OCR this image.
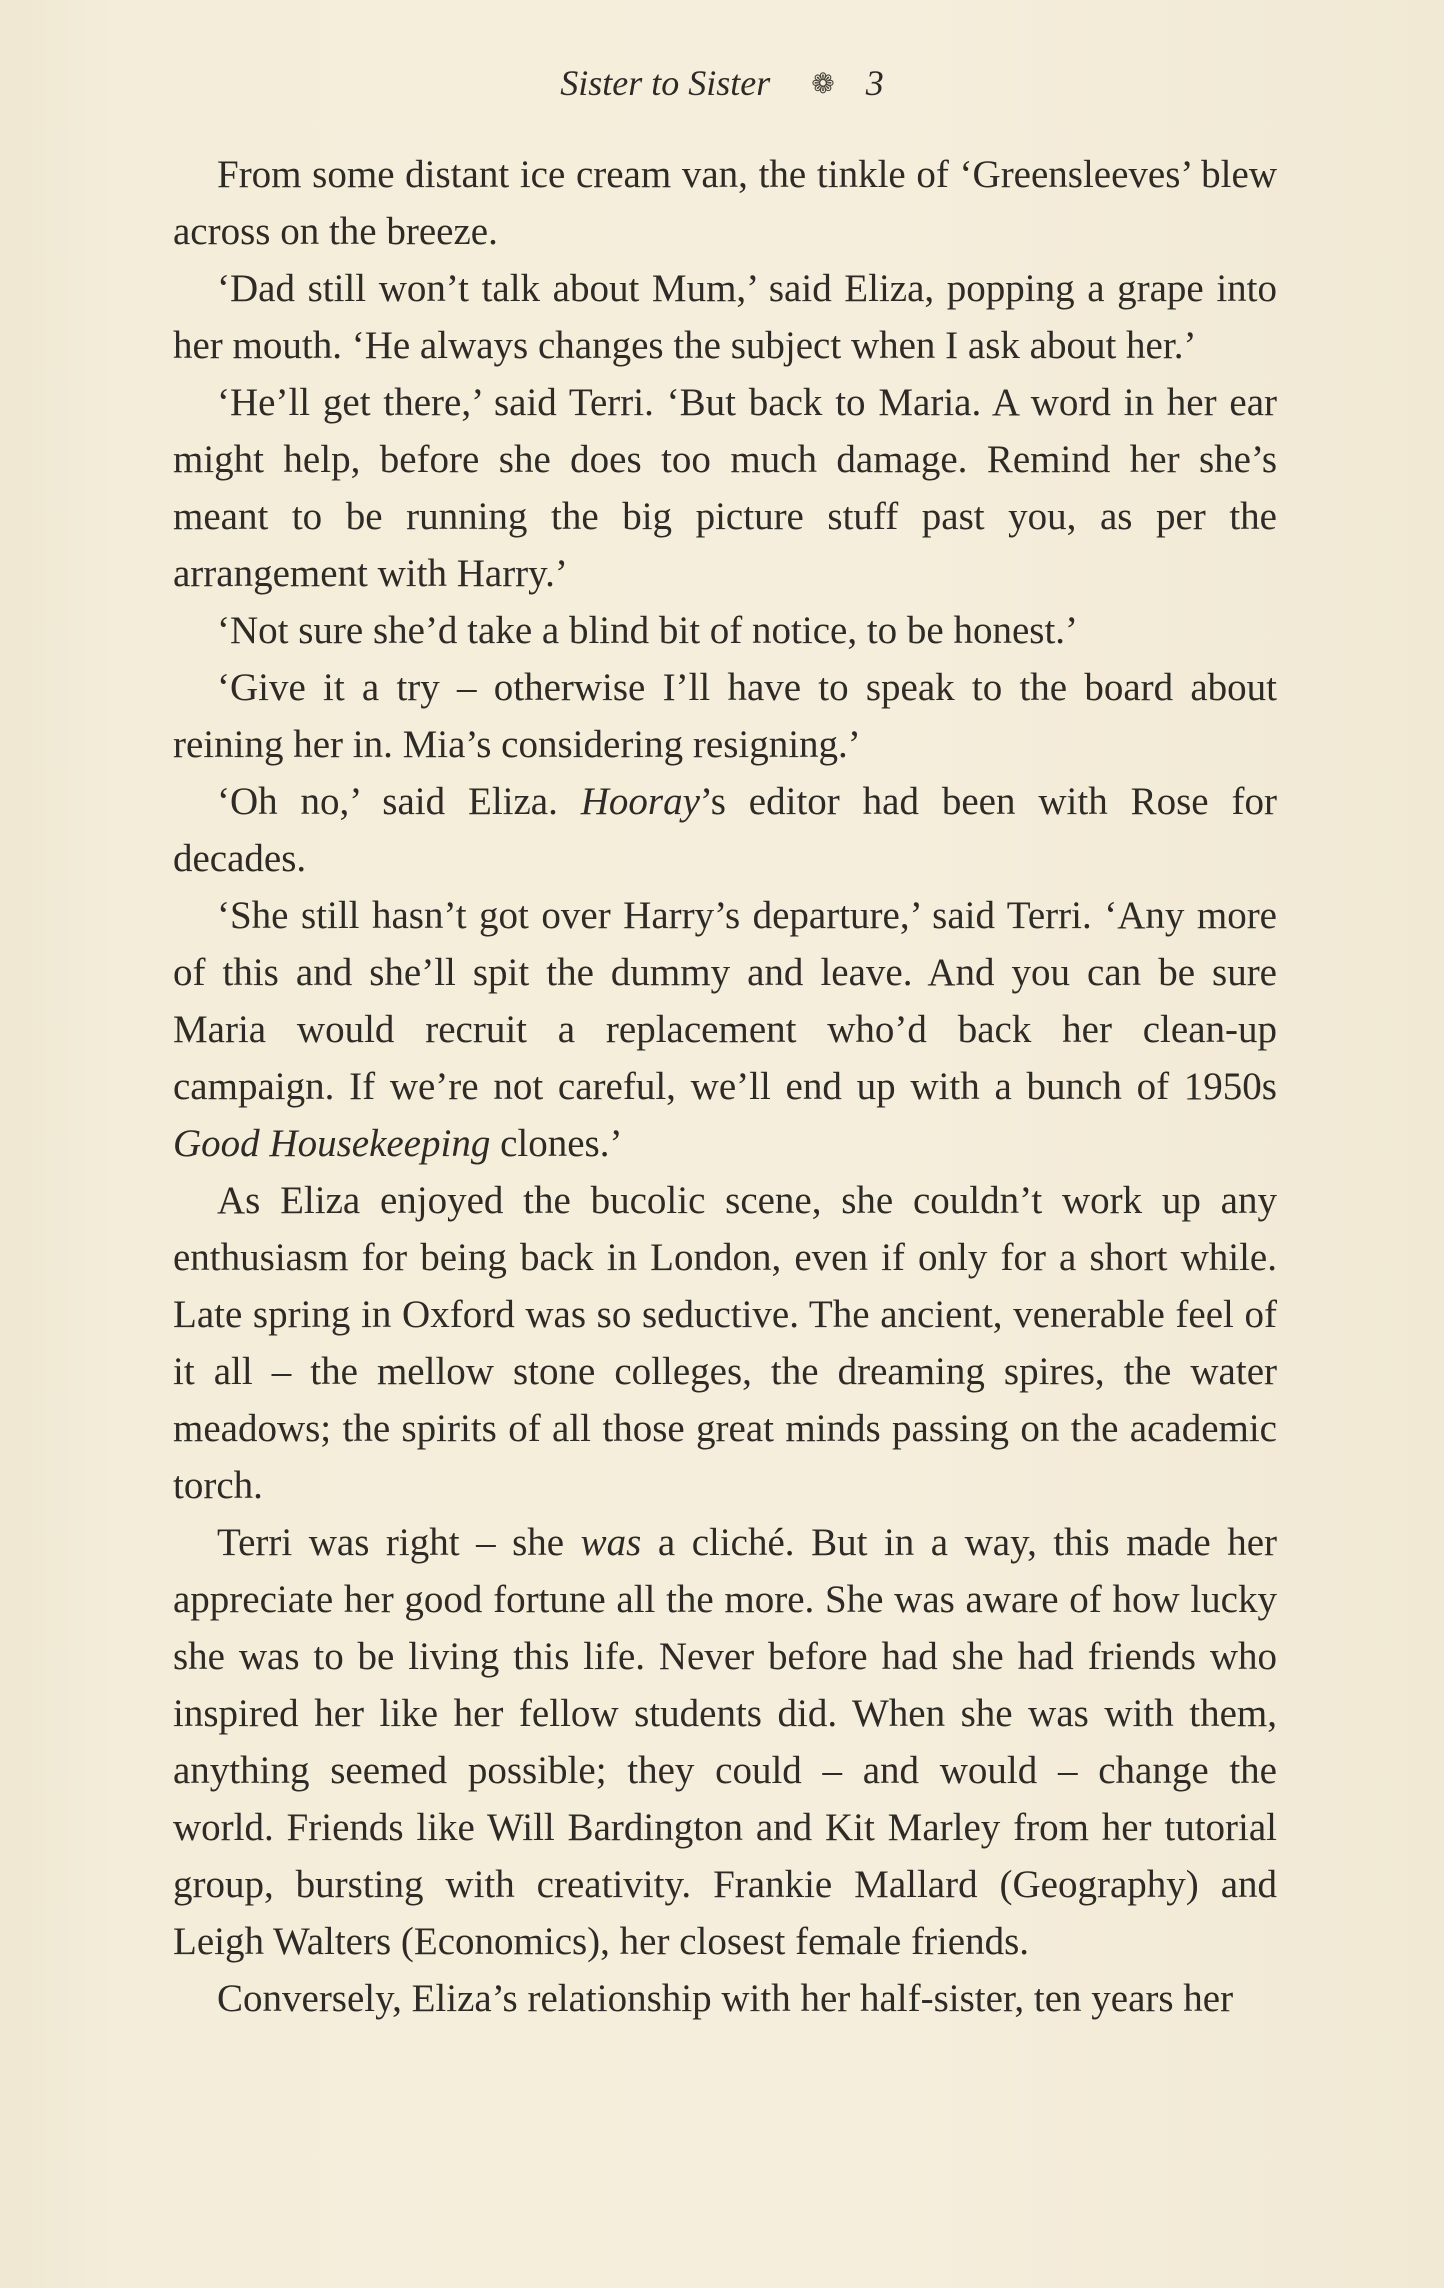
Sister to Sister ❁ 3

From some distant ice cream van, the tinkle of ‘Greensleeves’ blew across on the breeze.

‘Dad still won’t talk about Mum,’ said Eliza, popping a grape into her mouth. ‘He always changes the subject when I ask about her.’

‘He’ll get there,’ said Terri. ‘But back to Maria. A word in her ear might help, before she does too much damage. Remind her she’s meant to be running the big picture stuff past you, as per the arrangement with Harry.’

‘Not sure she’d take a blind bit of notice, to be honest.’

‘Give it a try – otherwise I’ll have to speak to the board about reining her in. Mia’s considering resigning.’

‘Oh no,’ said Eliza. Hooray’s editor had been with Rose for decades.

‘She still hasn’t got over Harry’s departure,’ said Terri. ‘Any more of this and she’ll spit the dummy and leave. And you can be sure Maria would recruit a replacement who’d back her clean-up campaign. If we’re not careful, we’ll end up with a bunch of 1950s Good Housekeeping clones.’

As Eliza enjoyed the bucolic scene, she couldn’t work up any enthusiasm for being back in London, even if only for a short while. Late spring in Oxford was so seductive. The ancient, venerable feel of it all – the mellow stone colleges, the dreaming spires, the water meadows; the spirits of all those great minds passing on the academic torch.

Terri was right – she was a cliché. But in a way, this made her appreciate her good fortune all the more. She was aware of how lucky she was to be living this life. Never before had she had friends who inspired her like her fellow students did. When she was with them, anything seemed possible; they could – and would – change the world. Friends like Will Bardington and Kit Marley from her tutorial group, bursting with creativity. Frankie Mallard (Geography) and Leigh Walters (Economics), her closest female friends.

Conversely, Eliza’s relationship with her half-sister, ten years her
